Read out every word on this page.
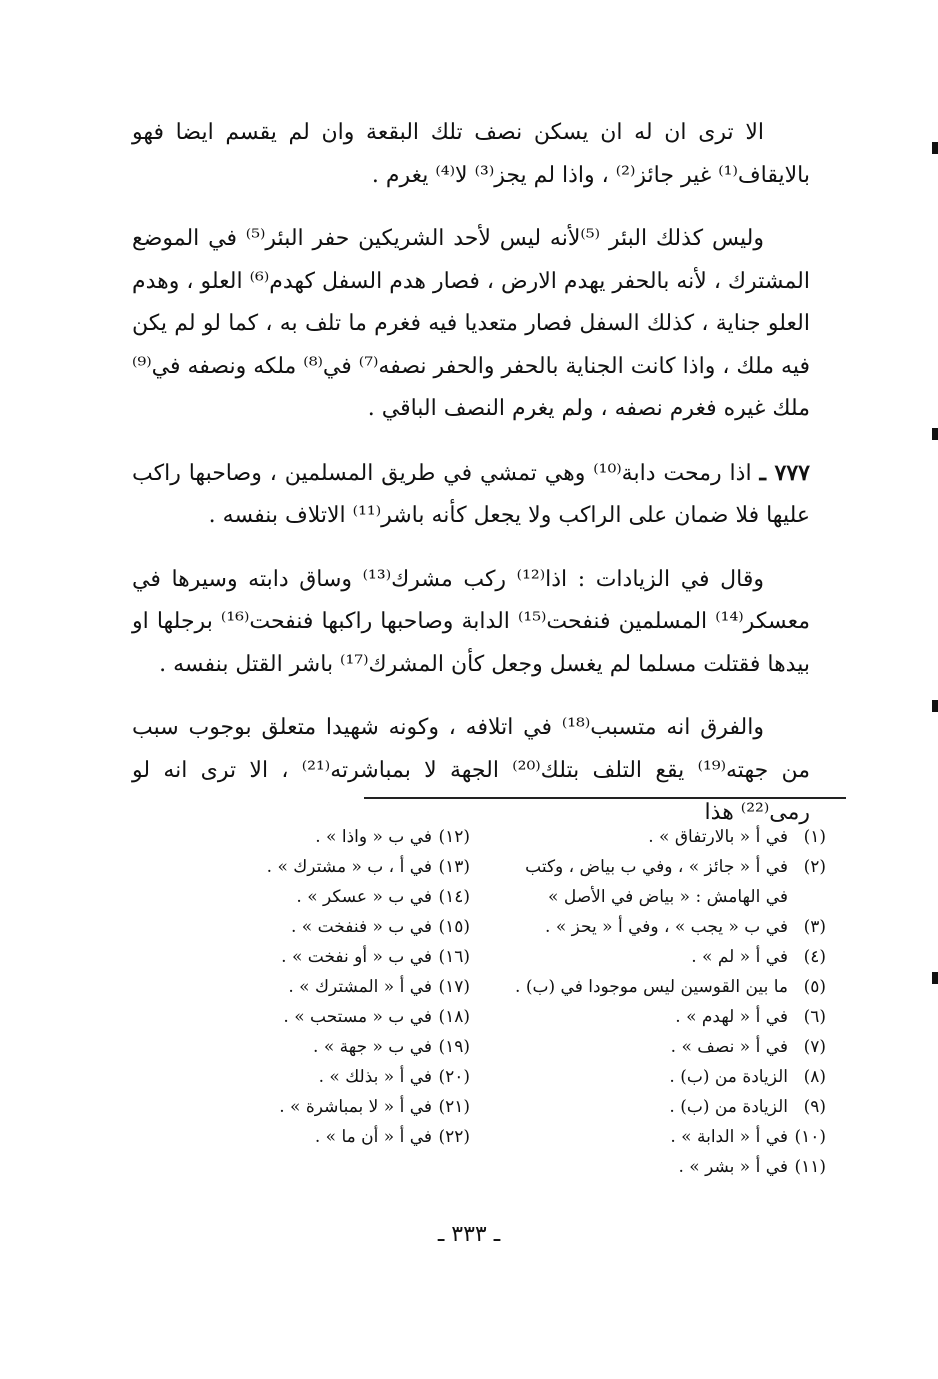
الا ترى ان له ان يسكن نصف تلك البقعة وان لم يقسم ايضا فهو بالايقاف⁽¹⁾ غير جائز⁽²⁾ ، واذا لم يجز⁽³⁾ لا⁽⁴⁾ يغرم .

وليس كذلك البئر ⁽⁵⁾لأنه ليس لأحد الشريكين حفر البئر⁽⁵⁾ في الموضع المشترك ، لأنه بالحفر يهدم الارض ، فصار هدم السفل كهدم⁽⁶⁾ العلو ، وهدم العلو جناية ، كذلك السفل فصار متعديا فيه فغرم ما تلف به ، كما لو لم يكن فيه ملك ، واذا كانت الجناية بالحفر والحفر نصفه⁽⁷⁾ في⁽⁸⁾ ملكه ونصفه في⁽⁹⁾ ملك غيره فغرم نصفه ، ولم يغرم النصف الباقي .

٧٧٧ ـ اذا رمحت دابة⁽¹⁰⁾ وهي تمشي في طريق المسلمين ، وصاحبها راكب عليها فلا ضمان على الراكب ولا يجعل كأنه باشر⁽¹¹⁾ الاتلاف بنفسه .

وقال في الزيادات : اذا⁽¹²⁾ ركب مشرك⁽¹³⁾ وساق دابته وسيرها في معسكر⁽¹⁴⁾ المسلمين فنفحت⁽¹⁵⁾ الدابة وصاحبها راكبها فنفحت⁽¹⁶⁾ برجلها او بيدها فقتلت مسلما لم يغسل وجعل كأن المشرك⁽¹⁷⁾ باشر القتل بنفسه .

والفرق انه متسبب⁽¹⁸⁾ في اتلافه ، وكونه شهيدا متعلق بوجوب سبب من جهته⁽¹⁹⁾ يقع التلف بتلك⁽²⁰⁾ الجهة لا بمباشرته⁽²¹⁾ ، الا ترى انه لو رمى⁽²²⁾ هذا

(١)في أ « بالارتفاق » .
(٢)في أ « جائز » ، وفي ب بياض ، وكتب
في الهامش : « بياض في الأصل »
(٣)في ب « يجب » ، وفي أ « يحز » .
(٤)في أ « لم » .
(٥)ما بين القوسين ليس موجودا في (ب) .
(٦)في أ « لهدم » .
(٧)في أ « نصف » .
(٨)الزيادة من (ب) .
(٩)الزيادة من (ب) .
(١٠)في أ « الدابة » .
(١١)في أ « بشر » .
(١٢)في ب « واذا » .
(١٣)في أ ، ب « مشترك » .
(١٤)في ب « عسكر » .
(١٥)في ب « فنفخت » .
(١٦)في ب « أو نفخت » .
(١٧)في أ « المشترك » .
(١٨)في ب « مستحب » .
(١٩)في ب « جهة » .
(٢٠)في أ « بذلك » .
(٢١)في أ « لا بمباشرة » .
(٢٢)في أ « أن ما » .
ـ ٣٣٣ ـ
